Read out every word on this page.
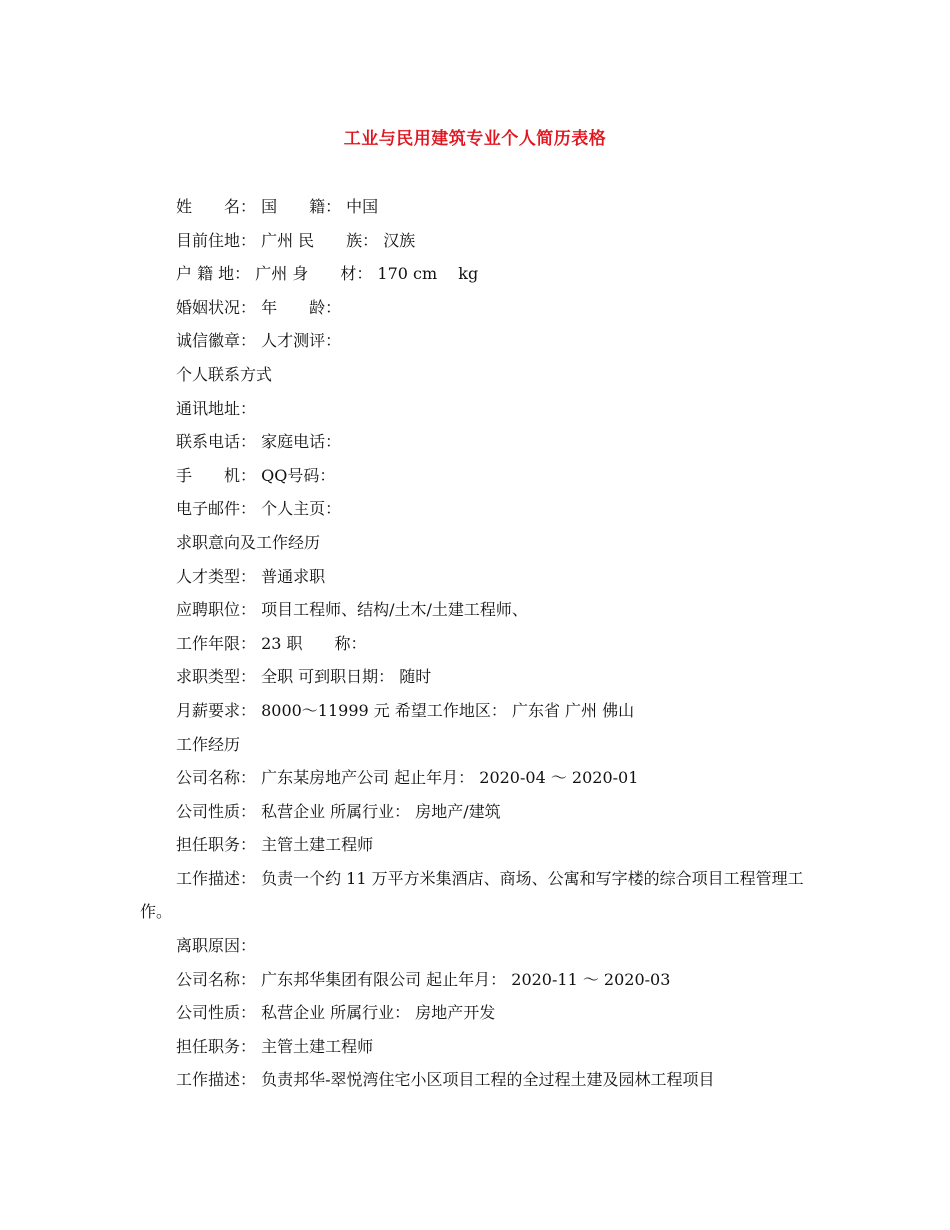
工业与民用建筑专业个人简历表格
姓　　名： 国　　籍： 中国
目前住地： 广州 民　　族： 汉族
户 籍 地： 广州 身　　材： 170 cm　 kg
婚姻状况： 年　　龄：
诚信徽章： 人才测评：
个人联系方式
通讯地址：
联系电话： 家庭电话：
手　　机： QQ号码：
电子邮件： 个人主页：
求职意向及工作经历
人才类型： 普通求职
应聘职位： 项目工程师、结构/土木/土建工程师、
工作年限： 23 职　　称：
求职类型： 全职 可到职日期： 随时
月薪要求： 8000～11999 元 希望工作地区： 广东省 广州 佛山
工作经历
公司名称： 广东某房地产公司 起止年月： 2020-04 ～ 2020-01
公司性质： 私营企业 所属行业： 房地产/建筑
担任职务： 主管土建工程师
工作描述： 负责一个约 11 万平方米集酒店、商场、公寓和写字楼的综合项目工程管理工作。
离职原因：
公司名称： 广东邦华集团有限公司 起止年月： 2020-11 ～ 2020-03
公司性质： 私营企业 所属行业： 房地产开发
担任职务： 主管土建工程师
工作描述： 负责邦华-翠悦湾住宅小区项目工程的全过程土建及园林工程项目
